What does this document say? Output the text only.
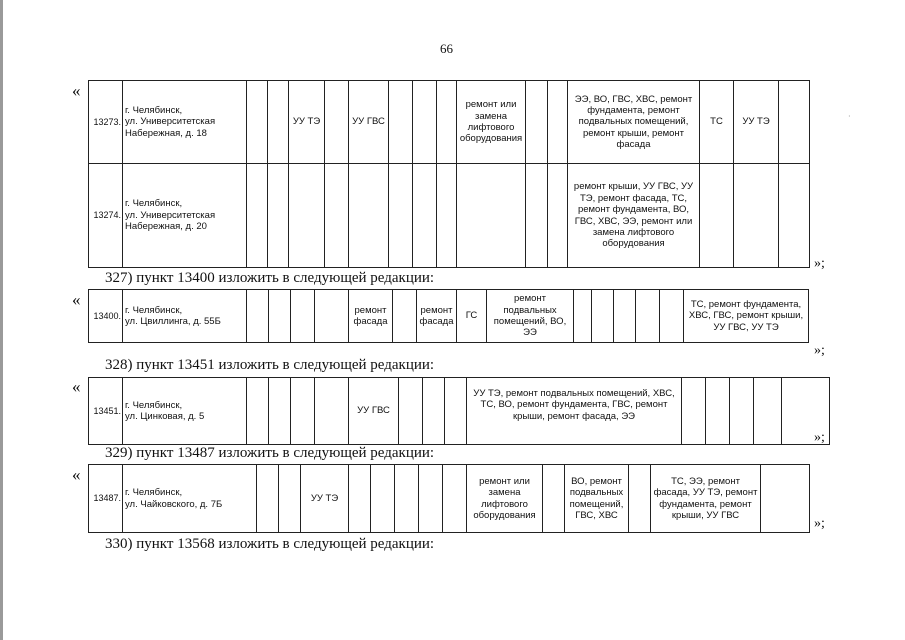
66
«
13273.	г. Челябинск,
ул. Университетская
Набережная, д. 18			УУ ТЭ		УУ ГВС				ремонт или замена лифтового оборудования			ЭЭ, ВО, ГВС, ХВС, ремонт фундамента, ремонт подвальных помещений, ремонт крыши, ремонт фасада	ТС	УУ ТЭ	
13274.	г. Челябинск,
ул. Университетская
Набережная, д. 20												ремонт крыши, УУ ГВС, УУ ТЭ, ремонт фасада, ТС, ремонт фундамента, ВО, ГВС, ХВС, ЭЭ, ремонт или замена лифтового оборудования			
»;
·
327) пункт 13400 изложить в следующей редакции:
«
13400.	г. Челябинск,
ул. Цвиллинга, д. 55Б					ремонт фасада		ремонт фасада	ГС	ремонт подвальных помещений, ВО, ЭЭ						ТС, ремонт фундамента, ХВС, ГВС, ремонт крыши, УУ ГВС, УУ ТЭ
»;
328) пункт 13451 изложить в следующей редакции:
«
13451.	г. Челябинск,
ул. Цинковая, д. 5					УУ ГВС				УУ ТЭ, ремонт подвальных помещений, ХВС, ТС, ВО, ремонт фундамента, ГВС, ремонт крыши, ремонт фасада, ЭЭ					
»;
329) пункт 13487 изложить в следующей редакции:
«
13487.	г. Челябинск,
ул. Чайковского, д. 7Б			УУ ТЭ						ремонт или замена лифтового оборудования		ВО, ремонт подвальных помещений, ГВС, ХВС		ТС, ЭЭ, ремонт фасада, УУ ТЭ, ремонт фундамента, ремонт крыши, УУ ГВС	
»;
330) пункт 13568 изложить в следующей редакции:
